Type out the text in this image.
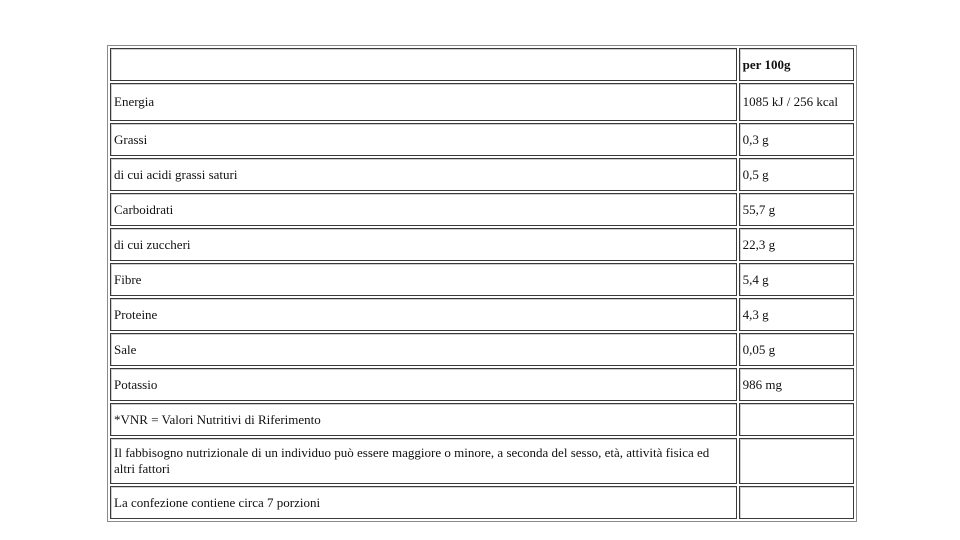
	per 100g
Energia	1085 kJ / 256 kcal
Grassi	0,3 g
di cui acidi grassi saturi	0,5 g
Carboidrati	55,7 g
di cui zuccheri	22,3 g
Fibre	5,4 g
Proteine	4,3 g
Sale	0,05 g
Potassio	986 mg
*VNR = Valori Nutritivi di Riferimento	
Il fabbisogno nutrizionale di un individuo può essere maggiore o minore, a seconda del sesso, età, attività fisica ed altri fattori	
La confezione contiene circa 7 porzioni	
